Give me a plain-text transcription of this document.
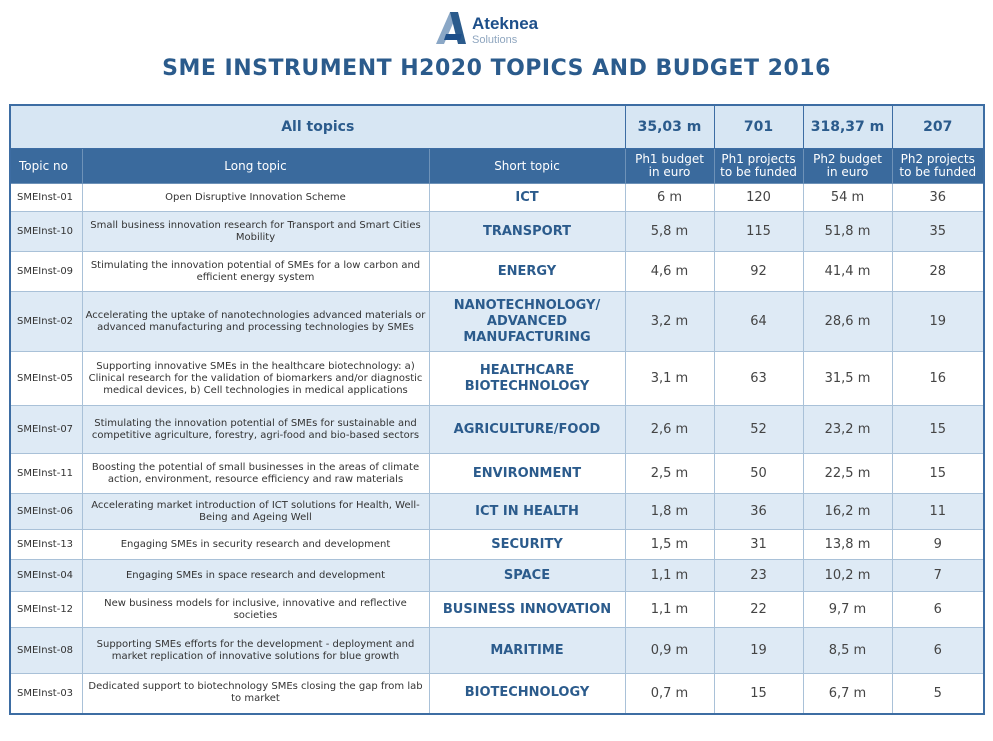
Ateknea
Solutions
SME INSTRUMENT H2020 TOPICS AND BUDGET 2016
All topics			35,03 m	701	318,37 m	207
Topic no	Long topic	Short topic	Ph1 budget in euro	Ph1 projects to be funded	Ph2 budget in euro	Ph2 projects to be funded
SMEInst-01	Open Disruptive Innovation Scheme	ICT	6 m	120	54 m	36
SMEInst-10	Small business innovation research for Transport and Smart Cities Mobility	TRANSPORT	5,8 m	115	51,8 m	35
SMEInst-09	Stimulating the innovation potential of SMEs for a low carbon and efficient energy system	ENERGY	4,6 m	92	41,4 m	28
SMEInst-02	Accelerating the uptake of nanotechnologies advanced materials or advanced manufacturing and processing technologies by SMEs	NANOTECHNOLOGY/ ADVANCED MANUFACTURING	3,2 m	64	28,6 m	19
SMEInst-05	Supporting innovative SMEs in the healthcare biotechnology: a) Clinical research for the validation of biomarkers and/or diagnostic medical devices, b) Cell technologies in medical applications	HEALTHCARE BIOTECHNOLOGY	3,1 m	63	31,5 m	16
SMEInst-07	Stimulating the innovation potential of SMEs for sustainable and competitive agriculture, forestry, agri-food and bio-based sectors	AGRICULTURE/FOOD	2,6 m	52	23,2 m	15
SMEInst-11	Boosting the potential of small businesses in the areas of climate action, environment, resource efficiency and raw materials	ENVIRONMENT	2,5 m	50	22,5 m	15
SMEInst-06	Accelerating market introduction of ICT solutions for Health, Well-Being and Ageing Well	ICT IN HEALTH	1,8 m	36	16,2 m	11
SMEInst-13	Engaging SMEs in security research and development	SECURITY	1,5 m	31	13,8 m	9
SMEInst-04	Engaging SMEs in space research and development	SPACE	1,1 m	23	10,2 m	7
SMEInst-12	New business models for inclusive, innovative and reflective societies	BUSINESS INNOVATION	1,1 m	22	9,7 m	6
SMEInst-08	Supporting SMEs efforts for the development - deployment and market replication of innovative solutions for blue growth	MARITIME	0,9 m	19	8,5 m	6
SMEInst-03	Dedicated support to biotechnology SMEs closing the gap from lab to market	BIOTECHNOLOGY	0,7 m	15	6,7 m	5
